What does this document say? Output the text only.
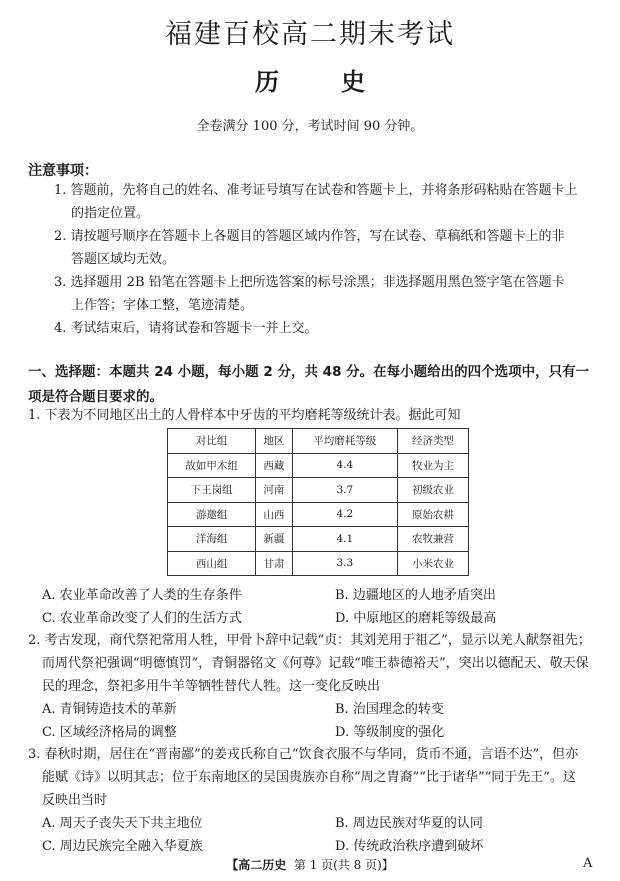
福建百校高二期末考试
历	史
全卷满分 100 分，考试时间 90 分钟。
注意事项：
1. 答题前，先将自己的姓名、准考证号填写在试卷和答题卡上，并将条形码粘贴在答题卡上
的指定位置。
2. 请按题号顺序在答题卡上各题目的答题区域内作答，写在试卷、草稿纸和答题卡上的非
答题区域均无效。
3. 选择题用 2B 铅笔在答题卡上把所选答案的标号涂黑；非选择题用黑色签字笔在答题卡
上作答；字体工整，笔迹清楚。
4. 考试结束后，请将试卷和答题卡一并上交。
一、选择题：本题共 24 小题，每小题 2 分，共 48 分。在每小题给出的四个选项中，只有一项是符合题目要求的。
1. 下表为不同地区出土的人骨样本中牙齿的平均磨耗等级统计表。据此可知
对比组	地区	平均磨耗等级	经济类型
故如甲木组	西藏	4.4	牧业为主
下王岗组	河南	3.7	初级农业
游邀组	山西	4.2	原始农耕
洋海组	新疆	4.1	农牧兼营
西山组	甘肃	3.3	小米农业
A. 农业革命改善了人类的生存条件	B. 边疆地区的人地矛盾突出
C. 农业革命改变了人们的生活方式	D. 中原地区的磨耗等级最高
2. 考古发现，商代祭祀常用人牲，甲骨卜辞中记载“贞：其刘羌用于祖乙”，显示以羌人献祭祖先；
而周代祭祀强调“明德慎罚”，青铜器铭文《何尊》记载“唯王恭德裕天”，突出以德配天、敬天保
民的理念，祭祀多用牛羊等牺牲替代人牲。这一变化反映出
A. 青铜铸造技术的革新	B. 治国理念的转变
C. 区域经济格局的调整	D. 等级制度的强化
3. 春秋时期，居住在“晋南鄙”的姜戎氏称自己“饮食衣服不与华同，货币不通，言语不达”，但亦
能赋《诗》以明其志；位于东南地区的吴国贵族亦自称“周之胄裔”“比于诸华”“同于先王”。这
反映出当时
A. 周天子丧失天下共主地位	B. 周边民族对华夏的认同
C. 周边民族完全融入华夏族	D. 传统政治秩序遭到破坏
【高二历史 第 1 页(共 8 页)】	A
